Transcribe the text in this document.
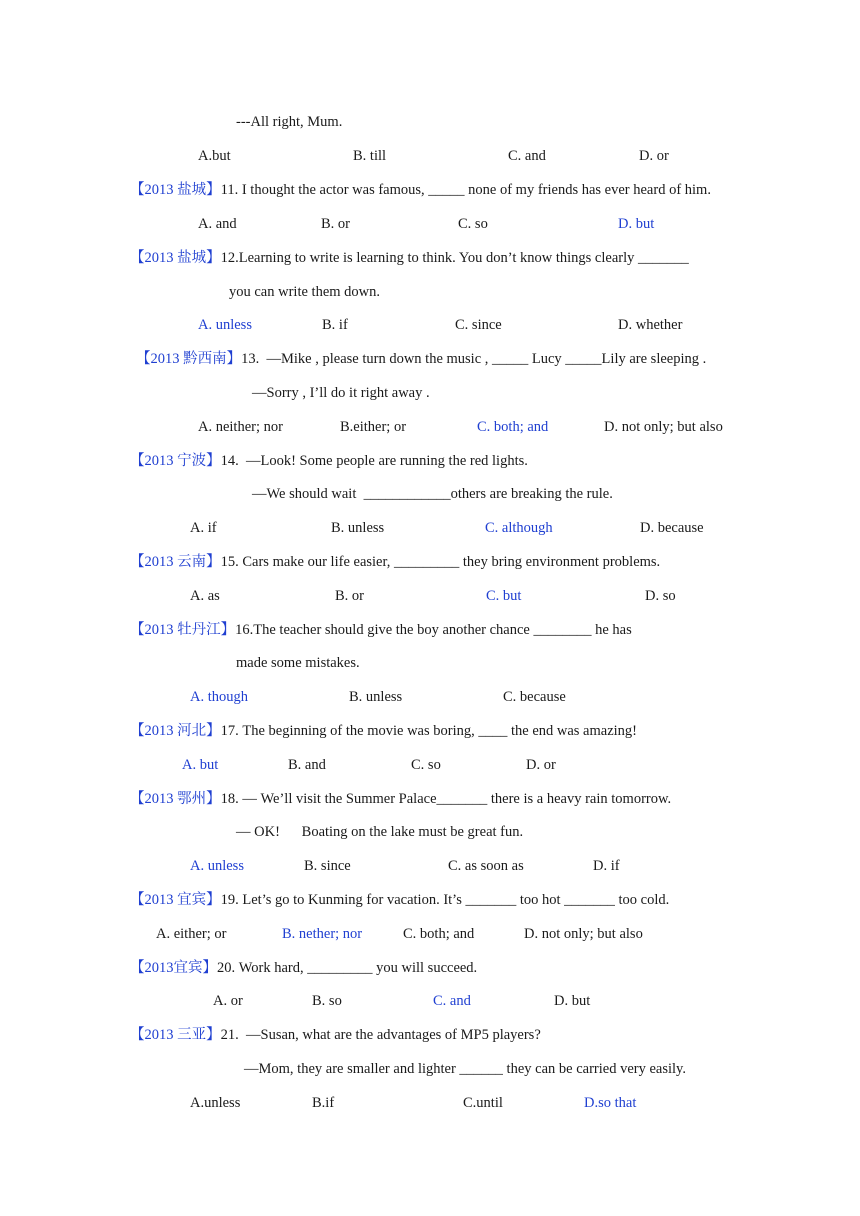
---All right, Mum.
A.but	B. till	C. and	D. or
【2013 盐城】11. I thought the actor was famous, _____ none of my friends has ever heard of him.
A. and	B. or	C. so	D. but
【2013 盐城】12.Learning to write is learning to think. You don’t know things clearly _______
you can write them down.
A. unless	B. if	C. since	D. whether
【2013 黔西南】13.  —Mike , please turn down the music , _____ Lucy _____Lily are sleeping .
—Sorry , I’ll do it right away .
A. neither; nor	B.either; or	C. both; and	D. not only; but also
【2013 宁波】14.  —Look! Some people are running the red lights.
—We should wait  ____________others are breaking the rule.
A. if	B. unless	C. although	D. because
【2013 云南】15. Cars make our life easier, _________ they bring environment problems.
A. as	B. or	C. but	D. so
【2013 牡丹江】16.The teacher should give the boy another chance ________ he has
made some mistakes.
A. though	B. unless	C. because
【2013 河北】17. The beginning of the movie was boring, ____ the end was amazing!
A. but	B. and	C. so	D. or
【2013 鄂州】18. — We’ll visit the Summer Palace_______ there is a heavy rain tomorrow.
— OK!      Boating on the lake must be great fun.
A. unless	B. since	C. as soon as	D. if
【2013 宜宾】19. Let’s go to Kunming for vacation. It’s _______ too hot _______ too cold.
A. either; or	B. nether; nor	C. both; and	D. not only; but also
【2013宜宾】20. Work hard, _________ you will succeed.
A. or	B. so	C. and	D. but
【2013 三亚】21.  —Susan, what are the advantages of MP5 players?
—Mom, they are smaller and lighter ______ they can be carried very easily.
A.unless	B.if	C.until	D.so that
